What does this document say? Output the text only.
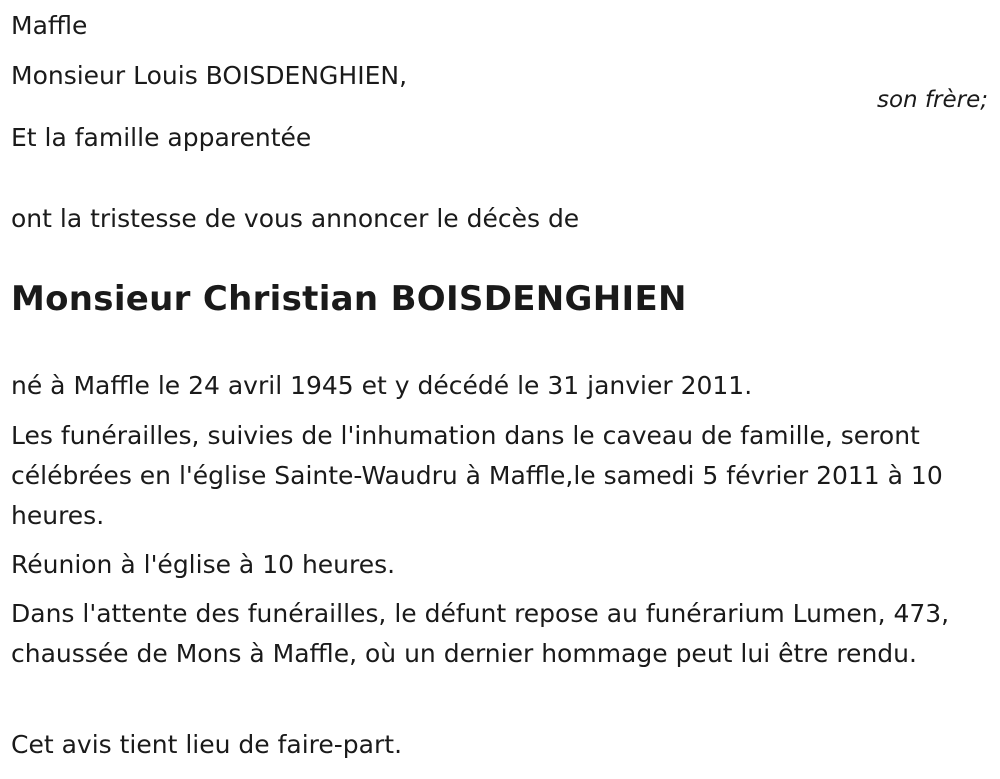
Maffle
Monsieur Louis BOISDENGHIEN,
son frère;
Et la famille apparentée
ont la tristesse de vous annoncer le décès de
Monsieur Christian BOISDENGHIEN
né à Maffle le 24 avril 1945 et y décédé le 31 janvier 2011.
Les funérailles, suivies de l'inhumation dans le caveau de famille, seront célébrées en l'église Sainte-Waudru à Maffle,le samedi 5 février 2011 à 10 heures.
Réunion à l'église à 10 heures.
Dans l'attente des funérailles, le défunt repose au funérarium Lumen, 473, chaussée de Mons à Maffle, où un dernier hommage peut lui être rendu.
Cet avis tient lieu de faire-part.
